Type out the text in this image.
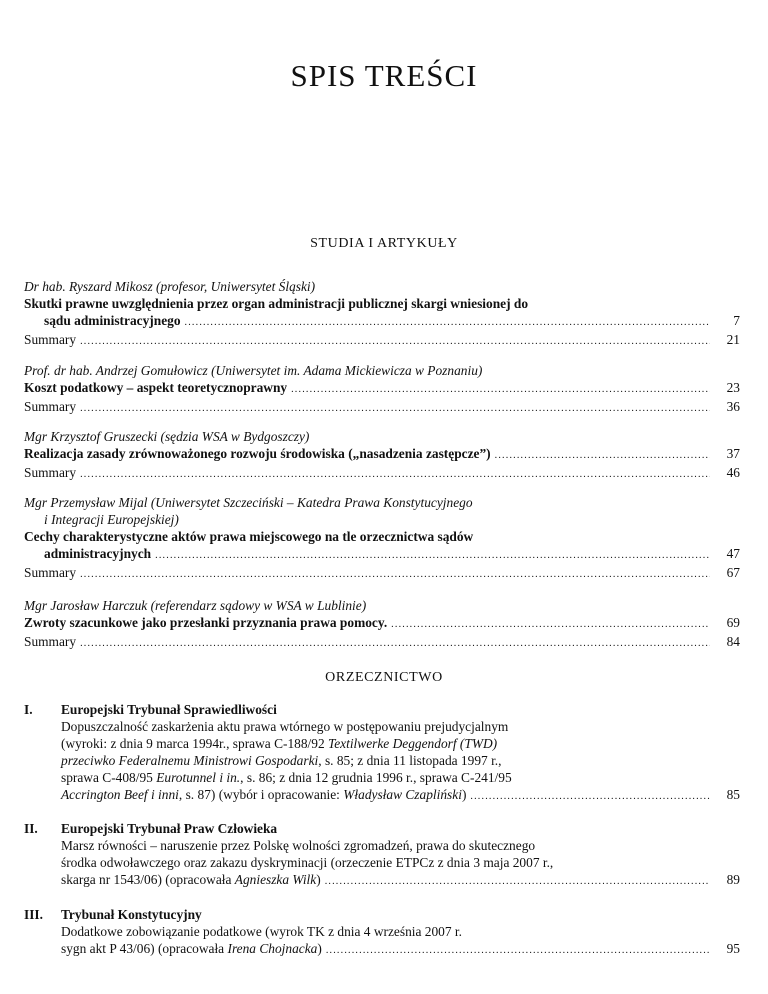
SPIS TREŚCI
STUDIA I ARTYKUŁY
Dr hab. Ryszard Mikosz (profesor, Uniwersytet Śląski)
Skutki prawne uwzględnienia przez organ administracji publicznej skargi wniesionej do
sądu administracyjnego .....	7
Summary .....	21
Prof. dr hab. Andrzej Gomułowicz (Uniwersytet im. Adama Mickiewicza w Poznaniu)
Koszt podatkowy – aspekt teoretycznoprawny .....	23
Summary .....	36
Mgr Krzysztof Gruszecki (sędzia WSA w Bydgoszczy)
Realizacja zasady zrównoważonego rozwoju środowiska („nasadzenia zastępcze”) .....	37
Summary .....	46
Mgr Przemysław Mijal (Uniwersytet Szczeciński – Katedra Prawa Konstytucyjnego
i Integracji Europejskiej)
Cechy charakterystyczne aktów prawa miejscowego na tle orzecznictwa sądów
administracyjnych .....	47
Summary .....	67
Mgr Jarosław Harczuk (referendarz sądowy w WSA w Lublinie)
Zwroty szacunkowe jako przesłanki przyznania prawa pomocy. .....	69
Summary .....	84
ORZECZNICTWO
I.	Europejski Trybunał Sprawiedliwości
Dopuszczalność zaskarżenia aktu prawa wtórnego w postępowaniu prejudycjalnym
(wyroki: z dnia 9 marca 1994r., sprawa C-188/92 Textilwerke Deggendorf (TWD)
przeciwko Federalnemu Ministrowi Gospodarki, s. 85; z dnia 11 listopada 1997 r.,
sprawa C-408/95 Eurotunnel i in., s. 86; z dnia 12 grudnia 1996 r., sprawa C-241/95
Accrington Beef i inni, s. 87) (wybór i opracowanie: Władysław Czapliński) .....	85
II.	Europejski Trybunał Praw Człowieka
Marsz równości – naruszenie przez Polskę wolności zgromadzeń, prawa do skutecznego
środka odwoławczego oraz zakazu dyskryminacji (orzeczenie ETPCz z dnia 3 maja 2007 r.,
skarga nr 1543/06) (opracowała Agnieszka Wilk) .....	89
III.	Trybunał Konstytucyjny
Dodatkowe zobowiązanie podatkowe (wyrok TK z dnia 4 września 2007 r.
sygn akt P 43/06) (opracowała Irena Chojnacka) .....	95
